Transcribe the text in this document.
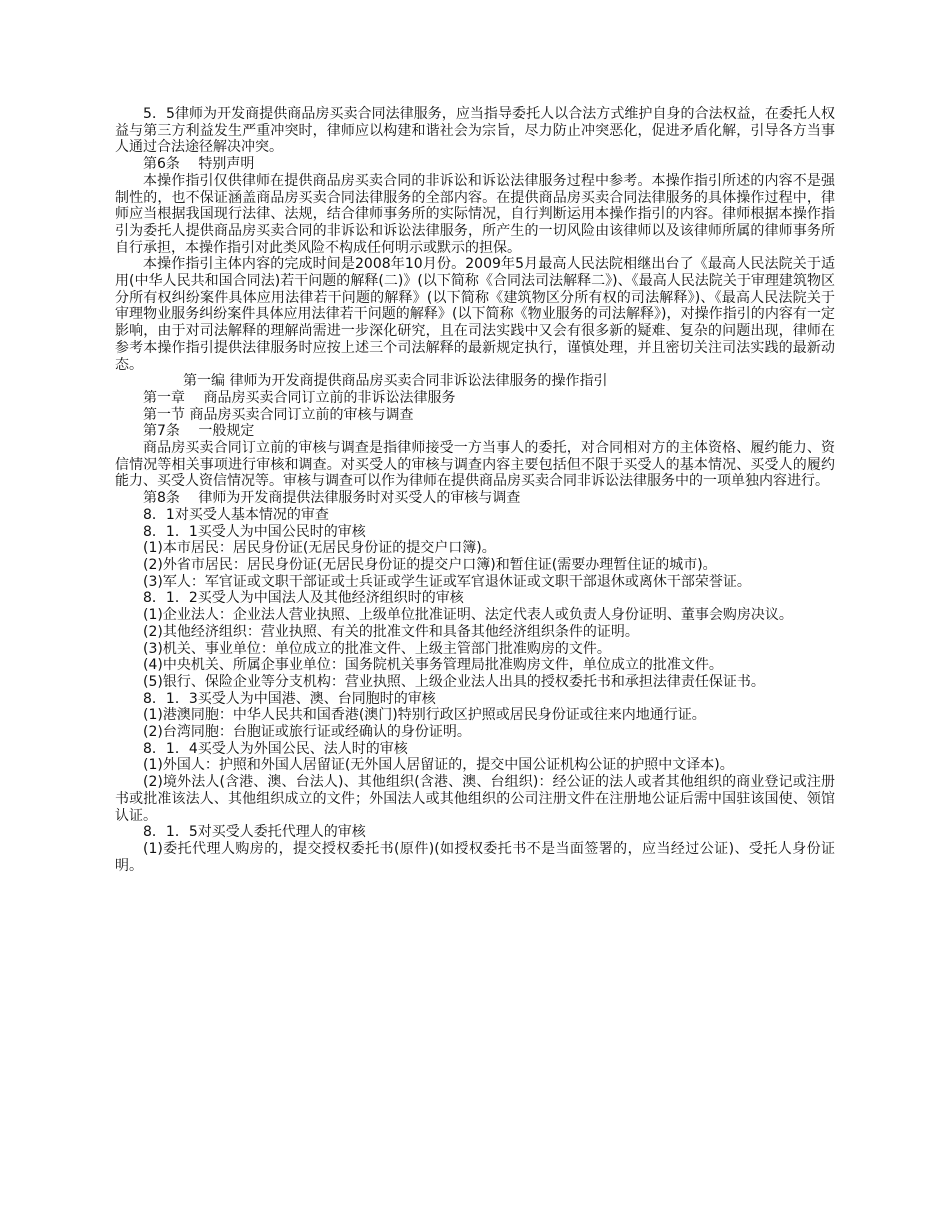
5．5律师为开发商提供商品房买卖合同法律服务，应当指导委托人以合法方式维护自身的合法权益，在委托人权益与第三方利益发生严重冲突时，律师应以构建和谐社会为宗旨，尽力防止冲突恶化，促进矛盾化解，引导各方当事人通过合法途径解决冲突。

第6条　 特别声明

本操作指引仅供律师在提供商品房买卖合同的非诉讼和诉讼法律服务过程中参考。本操作指引所述的内容不是强制性的，也不保证涵盖商品房买卖合同法律服务的全部内容。在提供商品房买卖合同法律服务的具体操作过程中，律师应当根据我国现行法律、法规，结合律师事务所的实际情况，自行判断运用本操作指引的内容。律师根据本操作指引为委托人提供商品房买卖合同的非诉讼和诉讼法律服务，所产生的一切风险由该律师以及该律师所属的律师事务所自行承担，本操作指引对此类风险不构成任何明示或默示的担保。

本操作指引主体内容的完成时间是2008年10月份。2009年5月最高人民法院相继出台了《最高人民法院关于适用(中华人民共和国合同法)若干问题的解释(二)》(以下简称《合同法司法解释二》)、《最高人民法院关于审理建筑物区分所有权纠纷案件具体应用法律若干问题的解释》(以下简称《建筑物区分所有权的司法解释》)、《最高人民法院关于审理物业服务纠纷案件具体应用法律若干问题的解释》(以下简称《物业服务的司法解释》)，对操作指引的内容有一定影响，由于对司法解释的理解尚需进一步深化研究，且在司法实践中又会有很多新的疑难、复杂的问题出现，律师在参考本操作指引提供法律服务时应按上述三个司法解释的最新规定执行，谨慎处理，并且密切关注司法实践的最新动态。

第一编 律师为开发商提供商品房买卖合同非诉讼法律服务的操作指引

第一章　 商品房买卖合同订立前的非诉讼法律服务

第一节 商品房买卖合同订立前的审核与调查

第7条　 一般规定

商品房买卖合同订立前的审核与调查是指律师接受一方当事人的委托，对合同相对方的主体资格、履约能力、资信情况等相关事项进行审核和调查。对买受人的审核与调查内容主要包括但不限于买受人的基本情况、买受人的履约能力、买受人资信情况等。审核与调查可以作为律师在提供商品房买卖合同非诉讼法律服务中的一项单独内容进行。

第8条　 律师为开发商提供法律服务时对买受人的审核与调查

8．1对买受人基本情况的审查

8．1．1买受人为中国公民时的审核

(1)本市居民：居民身份证(无居民身份证的提交户口簿)。

(2)外省市居民：居民身份证(无居民身份证的提交户口簿)和暂住证(需要办理暂住证的城市)。

(3)军人：军官证或文职干部证或士兵证或学生证或军官退休证或文职干部退休或离休干部荣誉证。

8．1．2买受人为中国法人及其他经济组织时的审核

(1)企业法人：企业法人营业执照、上级单位批准证明、法定代表人或负责人身份证明、董事会购房决议。

(2)其他经济组织：营业执照、有关的批准文件和具备其他经济组织条件的证明。

(3)机关、事业单位：单位成立的批准文件、上级主管部门批准购房的文件。

(4)中央机关、所属企事业单位：国务院机关事务管理局批准购房文件，单位成立的批准文件。

(5)银行、保险企业等分支机构：营业执照、上级企业法人出具的授权委托书和承担法律责任保证书。

8．1．3买受人为中国港、澳、台同胞时的审核

(1)港澳同胞：中华人民共和国香港(澳门)特别行政区护照或居民身份证或往来内地通行证。

(2)台湾同胞：台胞证或旅行证或经确认的身份证明。

8．1．4买受人为外国公民、法人时的审核

(1)外国人：护照和外国人居留证(无外国人居留证的，提交中国公证机构公证的护照中文译本)。

(2)境外法人(含港、澳、台法人)、其他组织(含港、澳、台组织)：经公证的法人或者其他组织的商业登记或注册书或批准该法人、其他组织成立的文件；外国法人或其他组织的公司注册文件在注册地公证后需中国驻该国使、领馆认证。

8．1．5对买受人委托代理人的审核

(1)委托代理人购房的，提交授权委托书(原件)(如授权委托书不是当面签署的，应当经过公证)、受托人身份证明。
